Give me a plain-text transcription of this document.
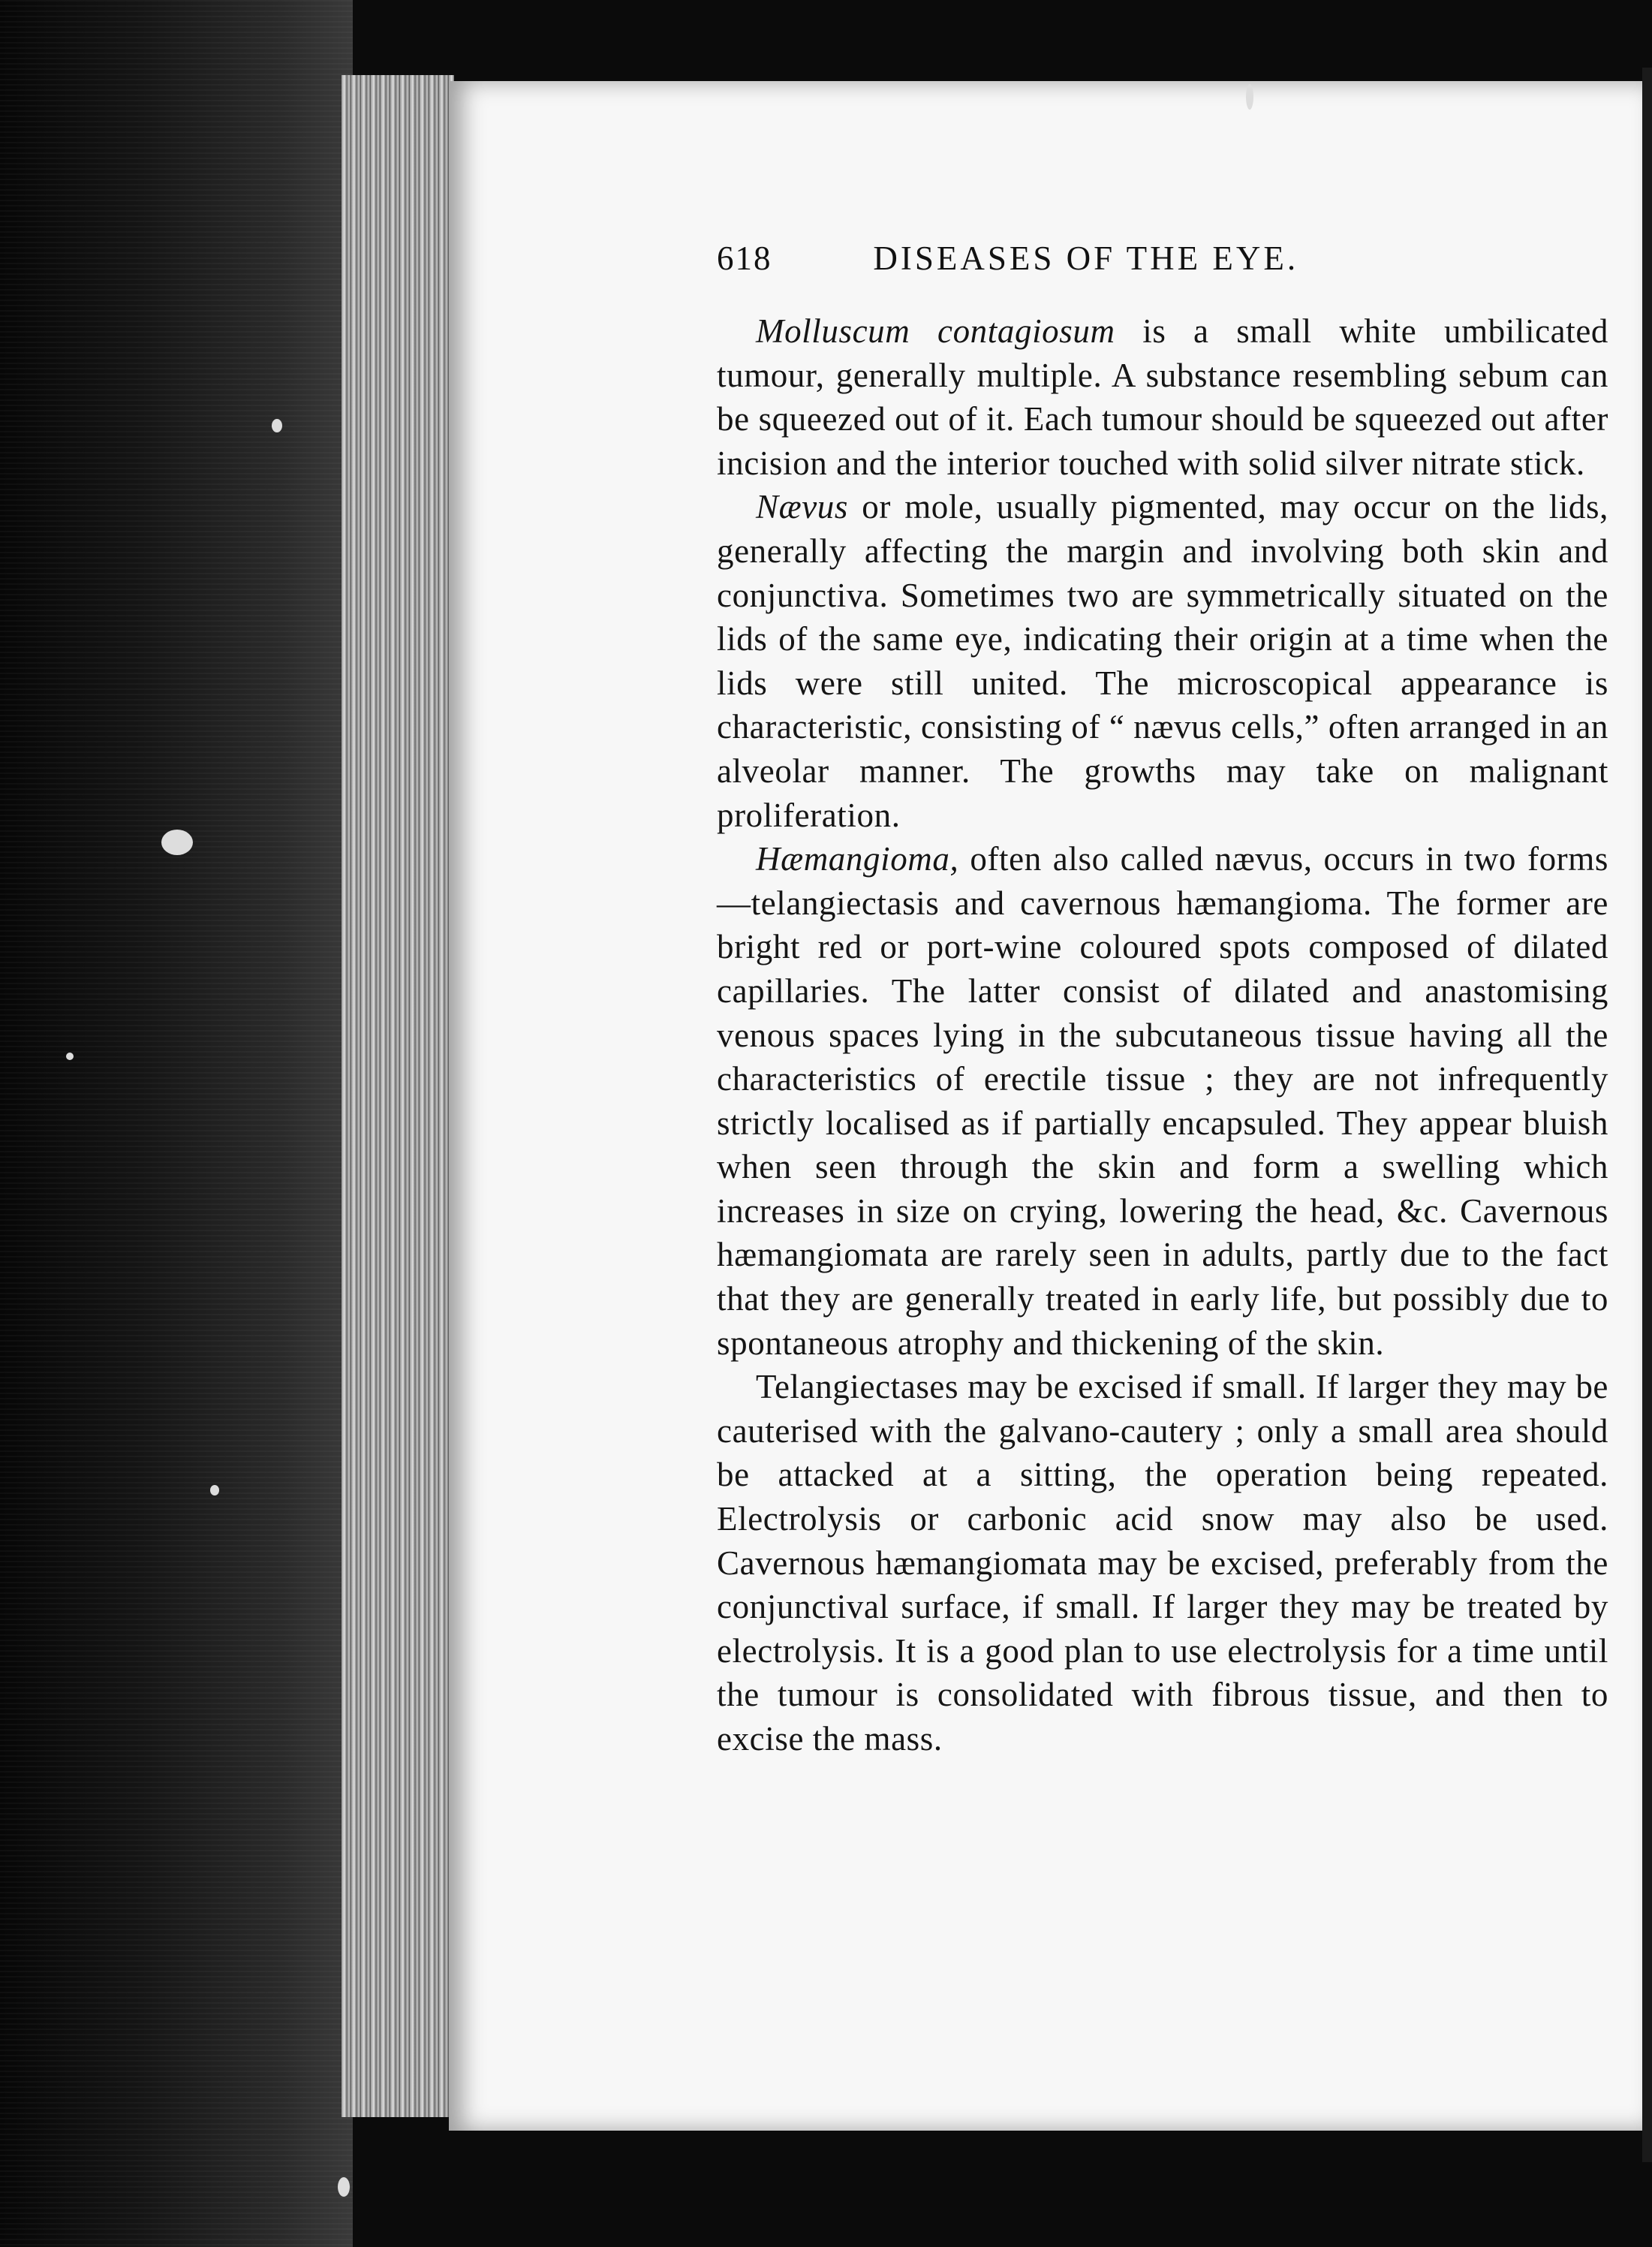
618	DISEASES OF THE EYE.

Molluscum contagiosum is a small white umbilicated tumour, generally multiple. A substance resembling sebum can be squeezed out of it. Each tumour should be squeezed out after incision and the interior touched with solid silver nitrate stick.

Nævus or mole, usually pigmented, may occur on the lids, generally affecting the margin and involving both skin and conjunctiva. Sometimes two are symmetrically situated on the lids of the same eye, indicating their origin at a time when the lids were still united. The microscopical appearance is characteristic, consisting of “ nævus cells,” often arranged in an alveolar manner. The growths may take on malignant proliferation.

Hæmangioma, often also called nævus, occurs in two forms —telangiectasis and cavernous hæmangioma. The former are bright red or port-wine coloured spots composed of dilated capillaries. The latter consist of dilated and anastomising venous spaces lying in the subcutaneous tissue having all the characteristics of erectile tissue ; they are not infrequently strictly localised as if partially encapsuled. They appear bluish when seen through the skin and form a swelling which increases in size on crying, lowering the head, &c. Cavernous hæmangiomata are rarely seen in adults, partly due to the fact that they are generally treated in early life, but possibly due to spontaneous atrophy and thickening of the skin.

Telangiectases may be excised if small. If larger they may be cauterised with the galvano-cautery ; only a small area should be attacked at a sitting, the operation being repeated. Electrolysis or carbonic acid snow may also be used. Cavernous hæmangiomata may be excised, preferably from the conjunctival surface, if small. If larger they may be treated by electrolysis. It is a good plan to use electrolysis for a time until the tumour is consolidated with fibrous tissue, and then to excise the mass.
